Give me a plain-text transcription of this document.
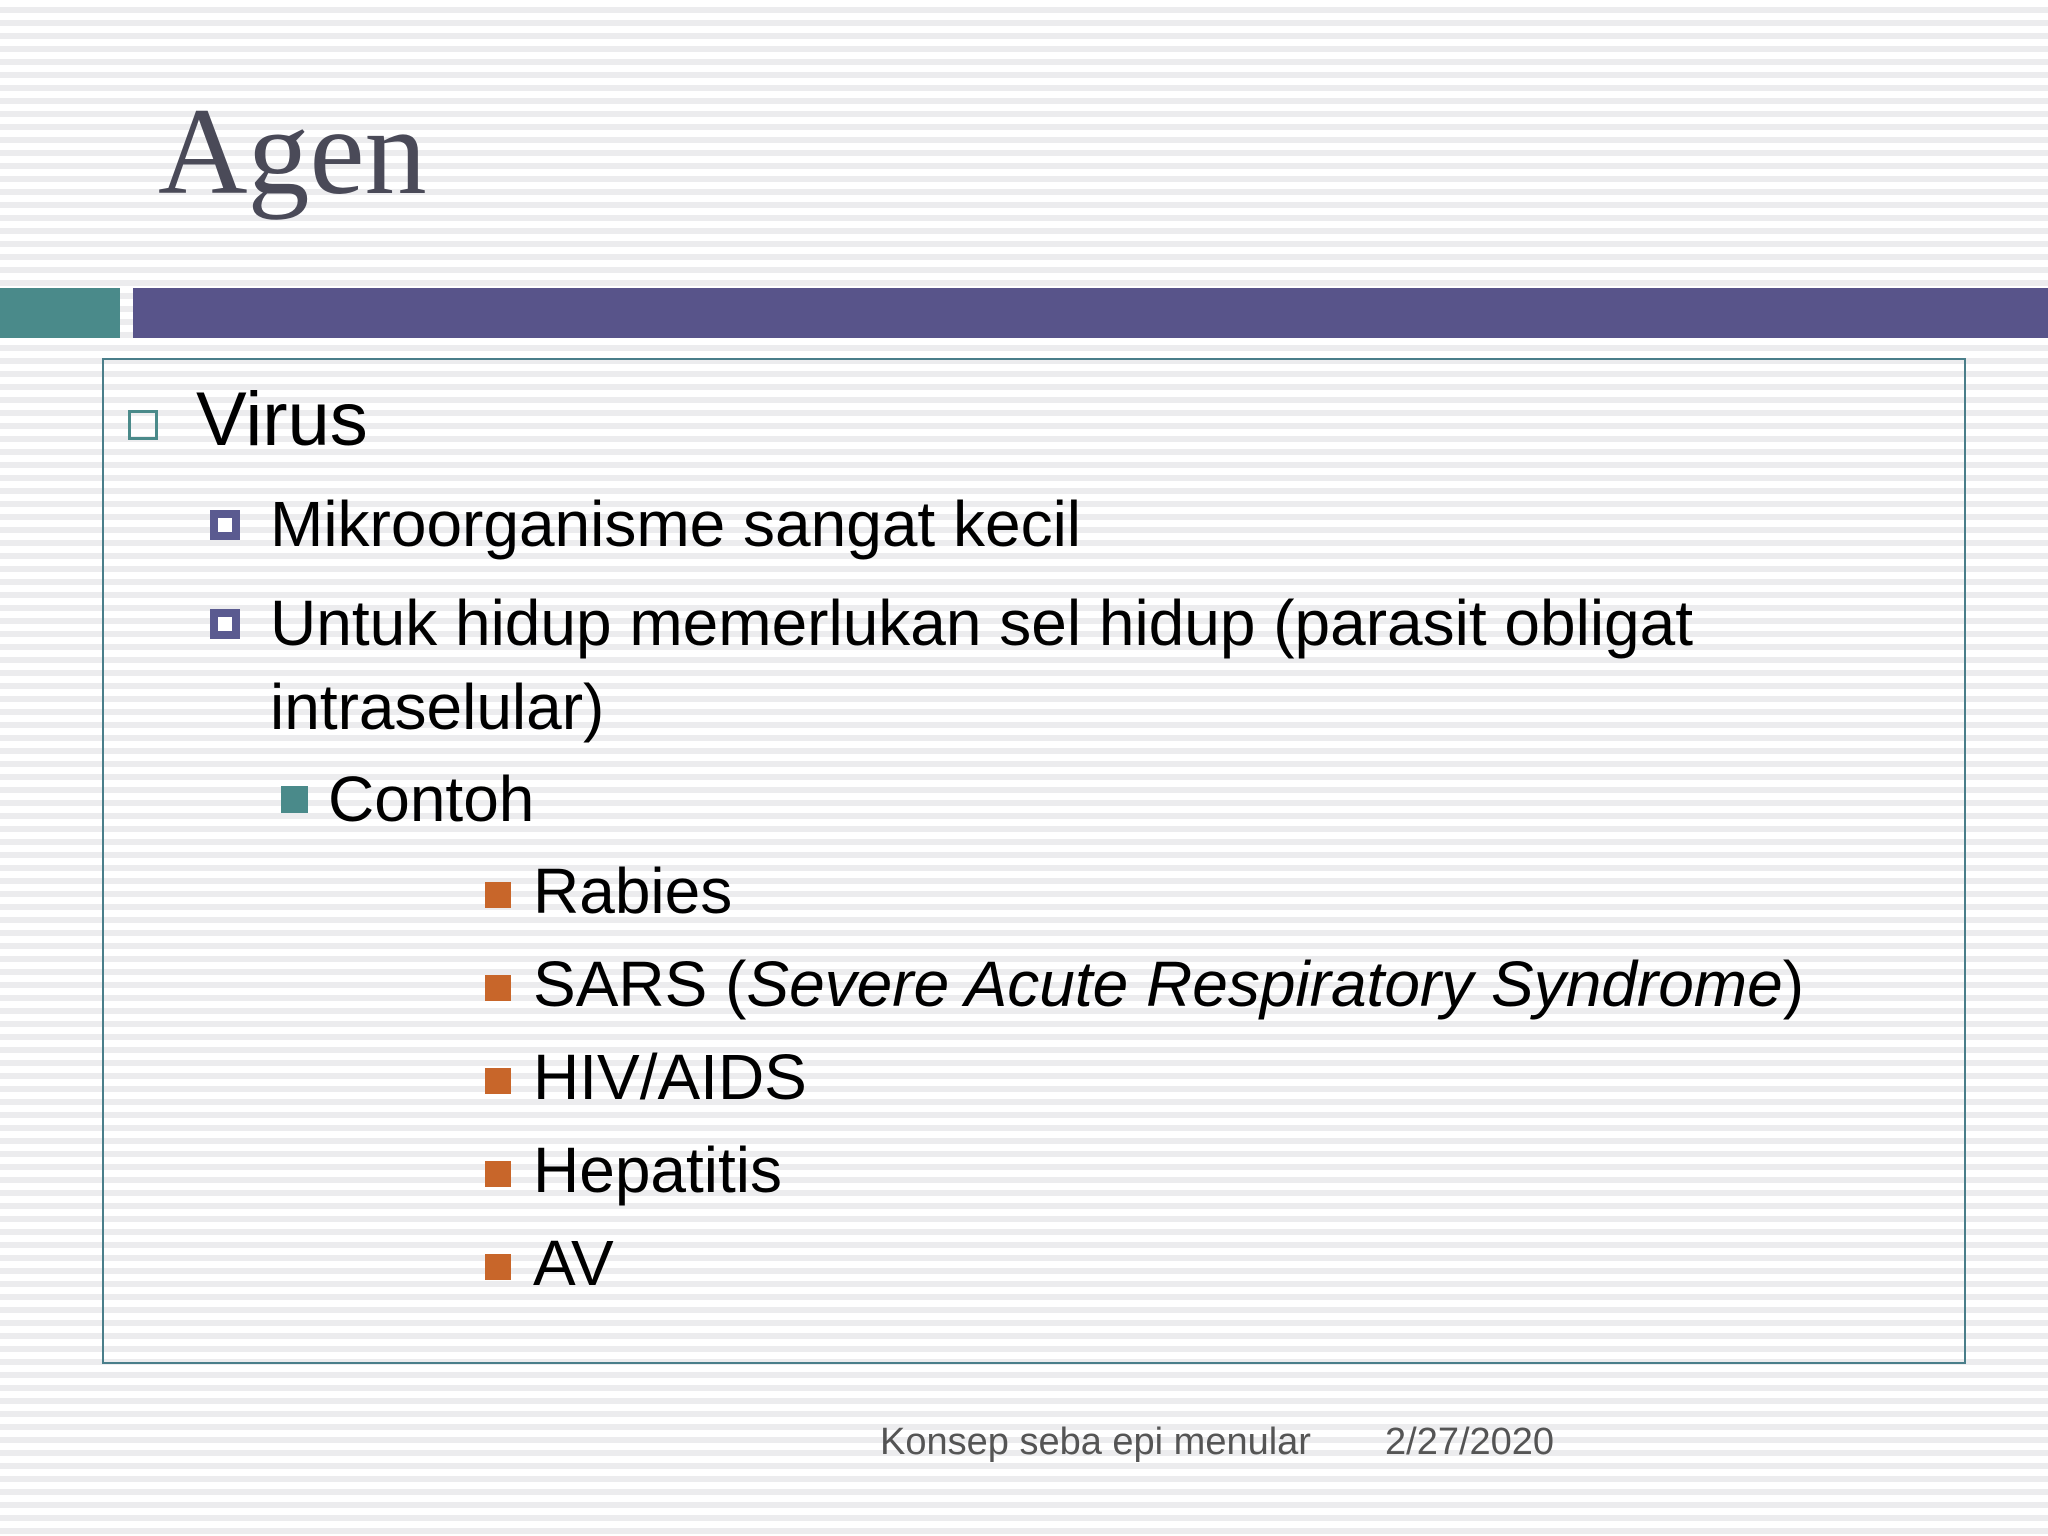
Agen
Virus
Mikroorganisme sangat kecil
Untuk hidup memerlukan sel hidup (parasit obligat intraselular)
Contoh
Rabies
SARS (Severe Acute Respiratory Syndrome)
HIV/AIDS
Hepatitis
AV
Konsep seba epi menular 2/27/2020
